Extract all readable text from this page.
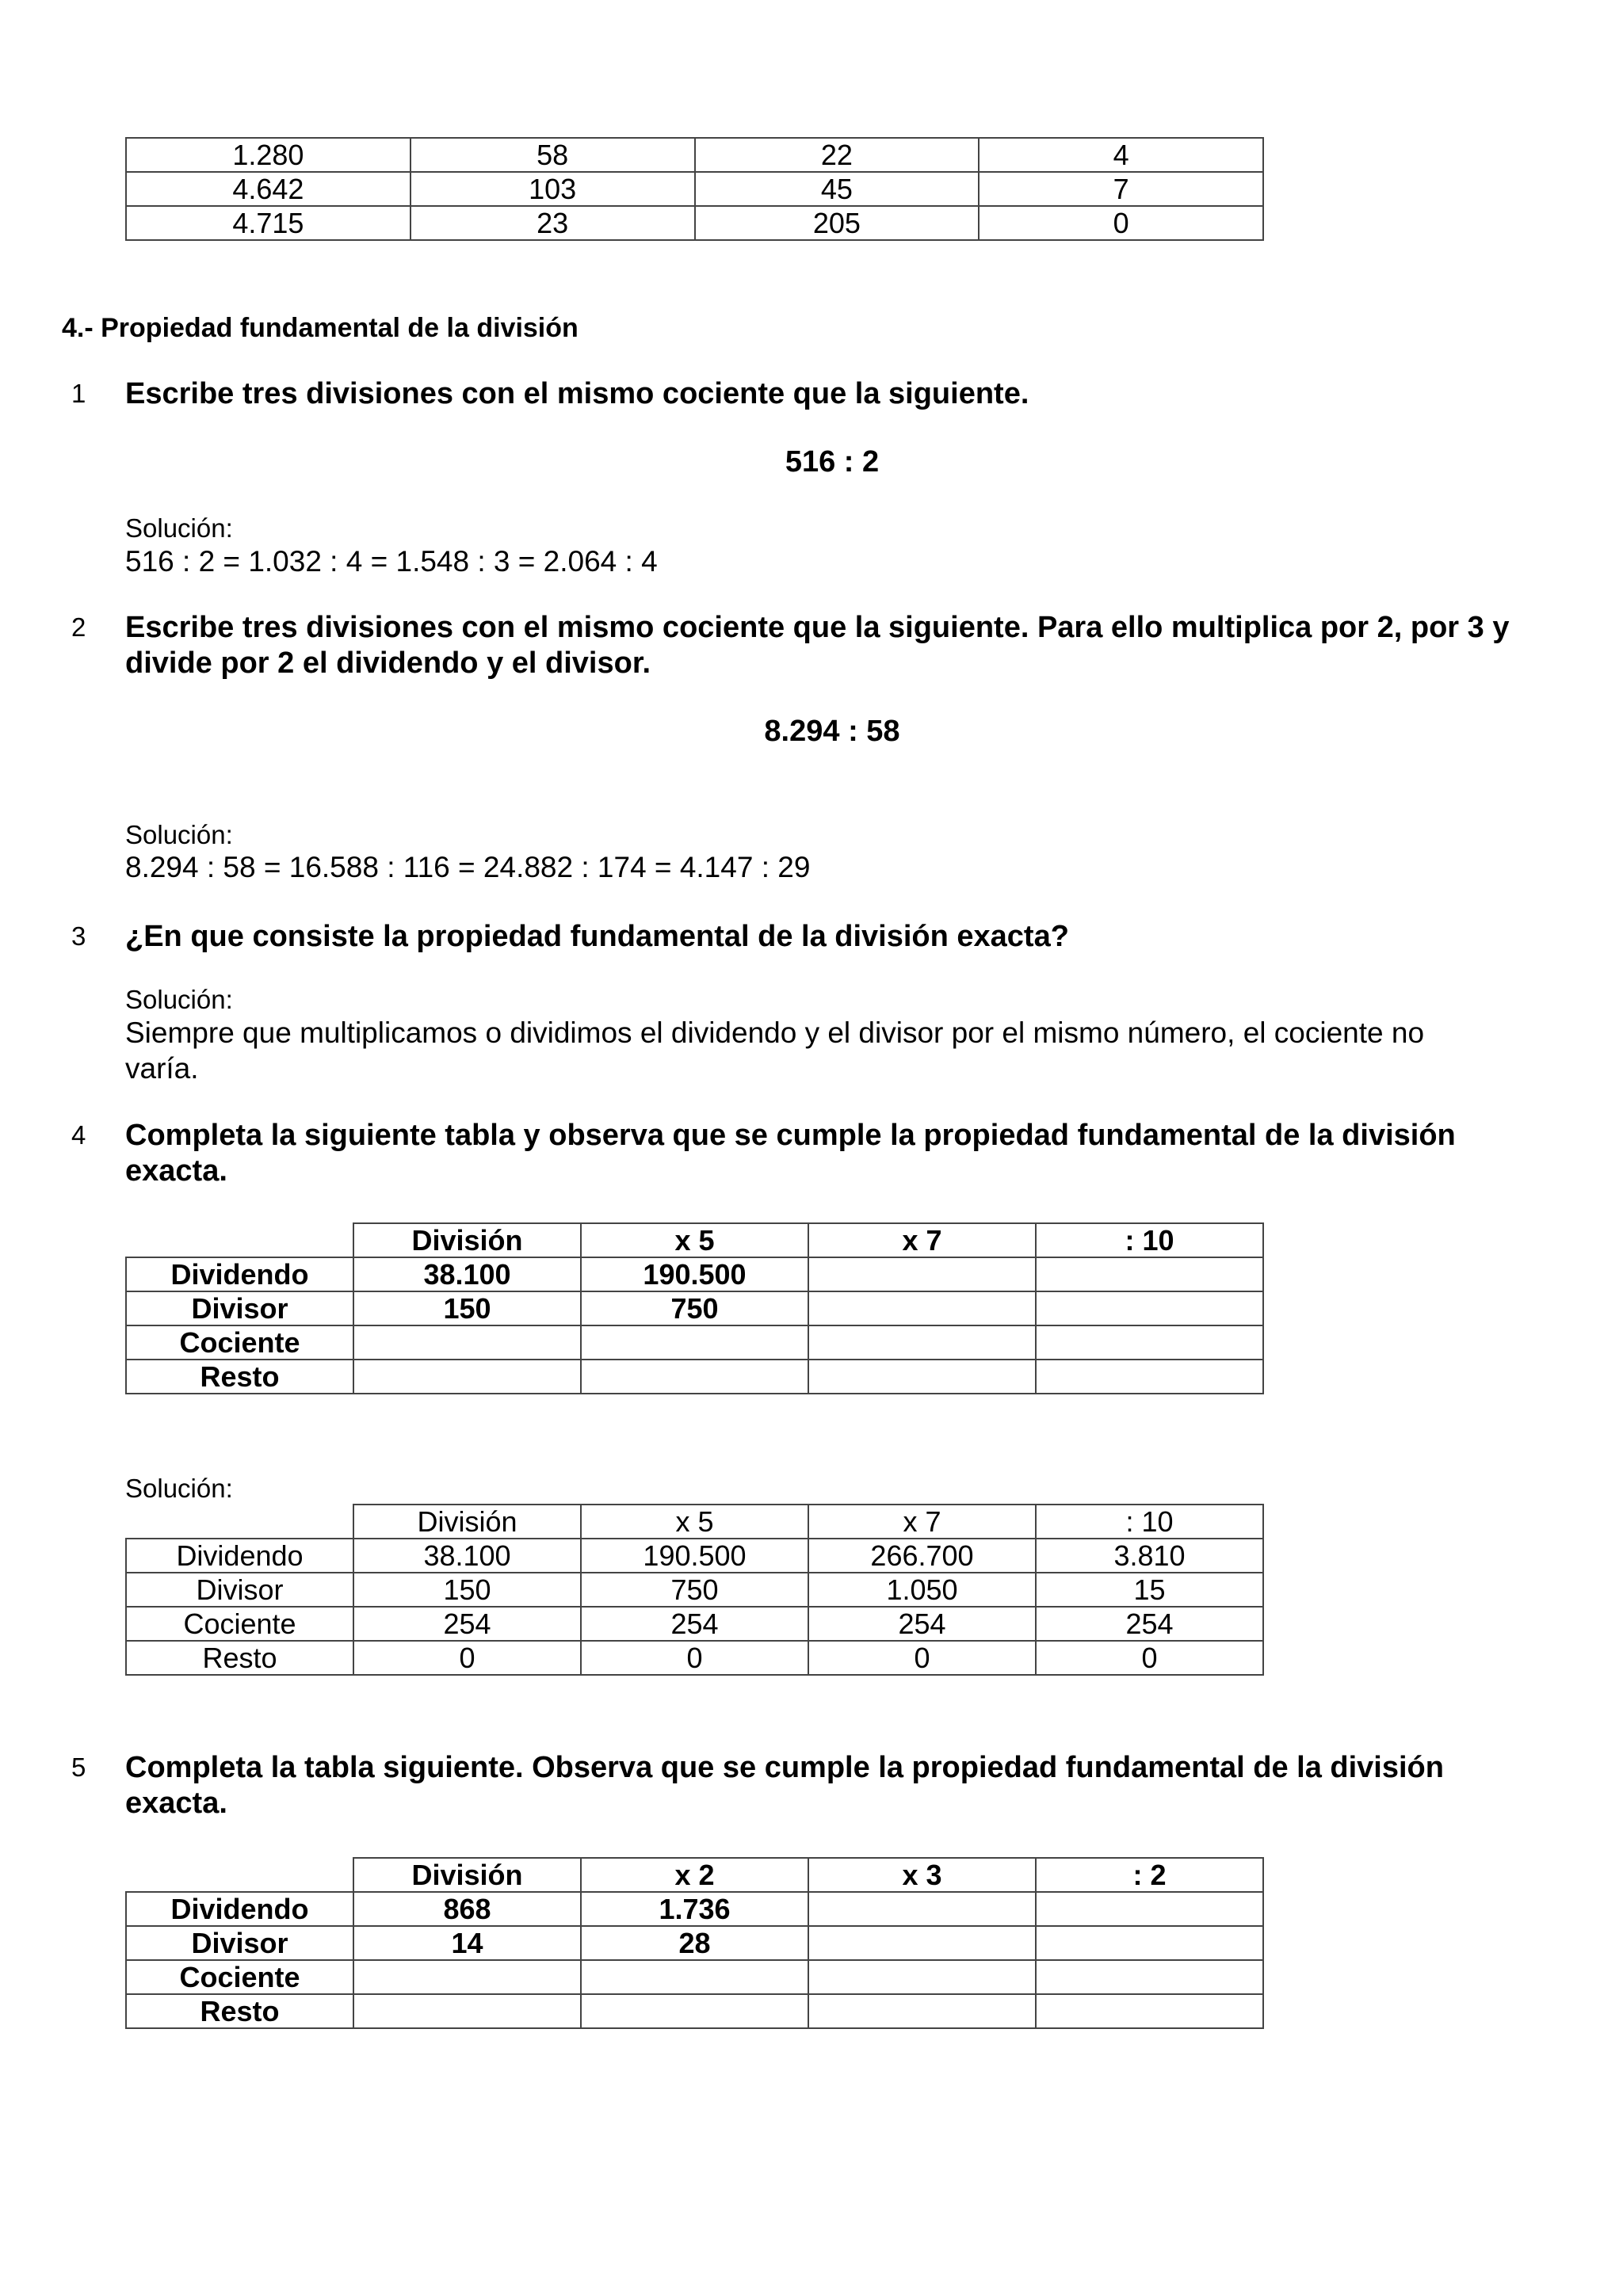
1.280	58	22	4
4.642	103	45	7
4.715	23	205	0
4.- Propiedad fundamental de la división
1 Escribe tres divisiones con el mismo cociente que la siguiente.
516 : 2
Solución:
516 : 2 = 1.032 : 4 = 1.548 : 3 = 2.064 : 4
2 Escribe tres divisiones con el mismo cociente que la siguiente. Para ello multiplica por 2, por 3 y
divide por 2 el dividendo y el divisor.
8.294 : 58
Solución:
8.294 : 58 = 16.588 : 116 = 24.882 : 174 = 4.147 : 29
3 ¿En que consiste la propiedad fundamental de la división exacta?
Solución:
Siempre que multiplicamos o dividimos el dividendo y el divisor por el mismo número, el cociente no
varía.
4 Completa la siguiente tabla y observa que se cumple la propiedad fundamental de la división
exacta.
	División	x 5	x 7	: 10
Dividendo	38.100	190.500		
Divisor	150	750		
Cociente				
Resto				
Solución:
	División	x 5	x 7	: 10
Dividendo	38.100	190.500	266.700	3.810
Divisor	150	750	1.050	15
Cociente	254	254	254	254
Resto	0	0	0	0
5 Completa la tabla siguiente. Observa que se cumple la propiedad fundamental de la división
exacta.
	División	x 2	x 3	: 2
Dividendo	868	1.736		
Divisor	14	28		
Cociente				
Resto				
